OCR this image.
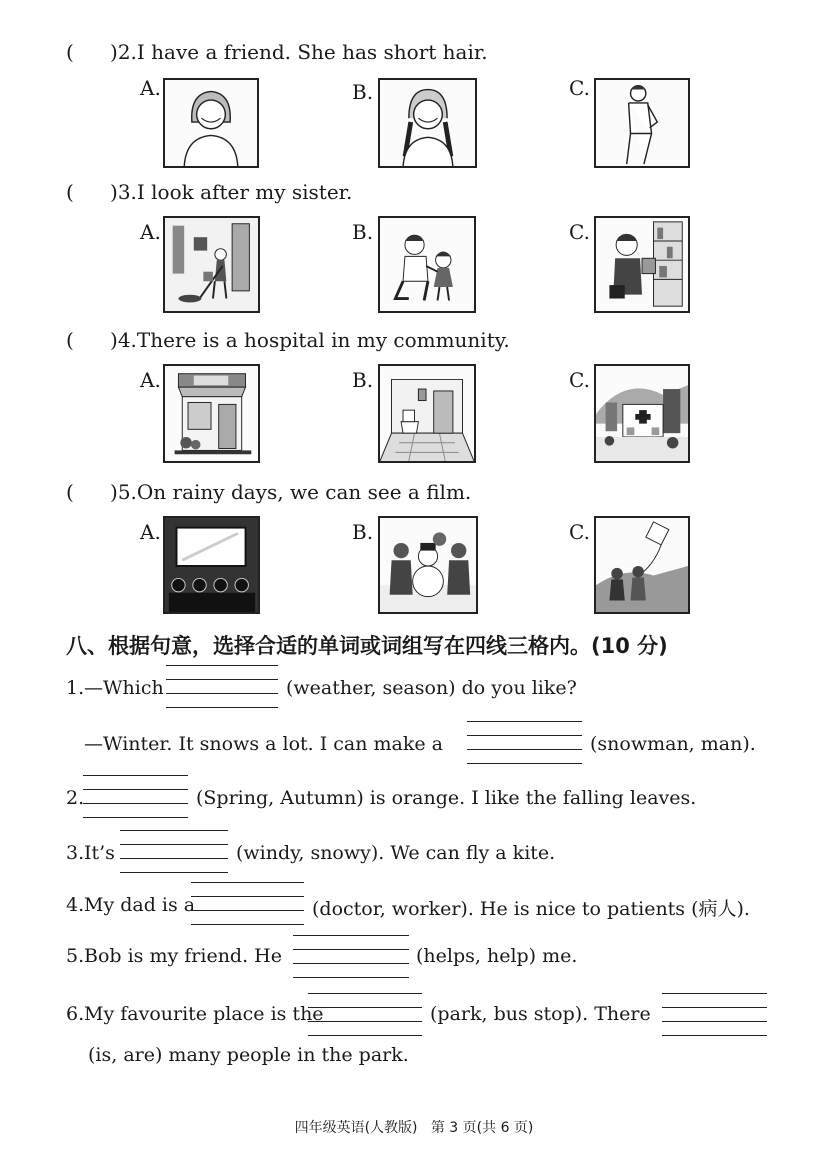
( )2.I have a friend. She has short hair.
A.	B.	C.
( )3.I look after my sister.
A.	B.	C.
( )4.There is a hospital in my community.
A.	B.	C.
( )5.On rainy days, we can see a film.
A.	B.	C.
八、根据句意，选择合适的单词或词组写在四线三格内。(10 分)
1. —Which	(weather, season) do you like?
—Winter. It snows a lot. I can make a	(snowman, man).
2.	(Spring, Autumn) is orange. I like the falling leaves.
3. It’s	(windy, snowy). We can fly a kite.
4. My dad is a	(doctor, worker). He is nice to patients (病人).
5. Bob is my friend. He	(helps, help) me.
6. My favourite place is the	(park, bus stop). There
(is, are) many people in the park.
四年级英语(人教版)   第 3 页(共 6 页)
